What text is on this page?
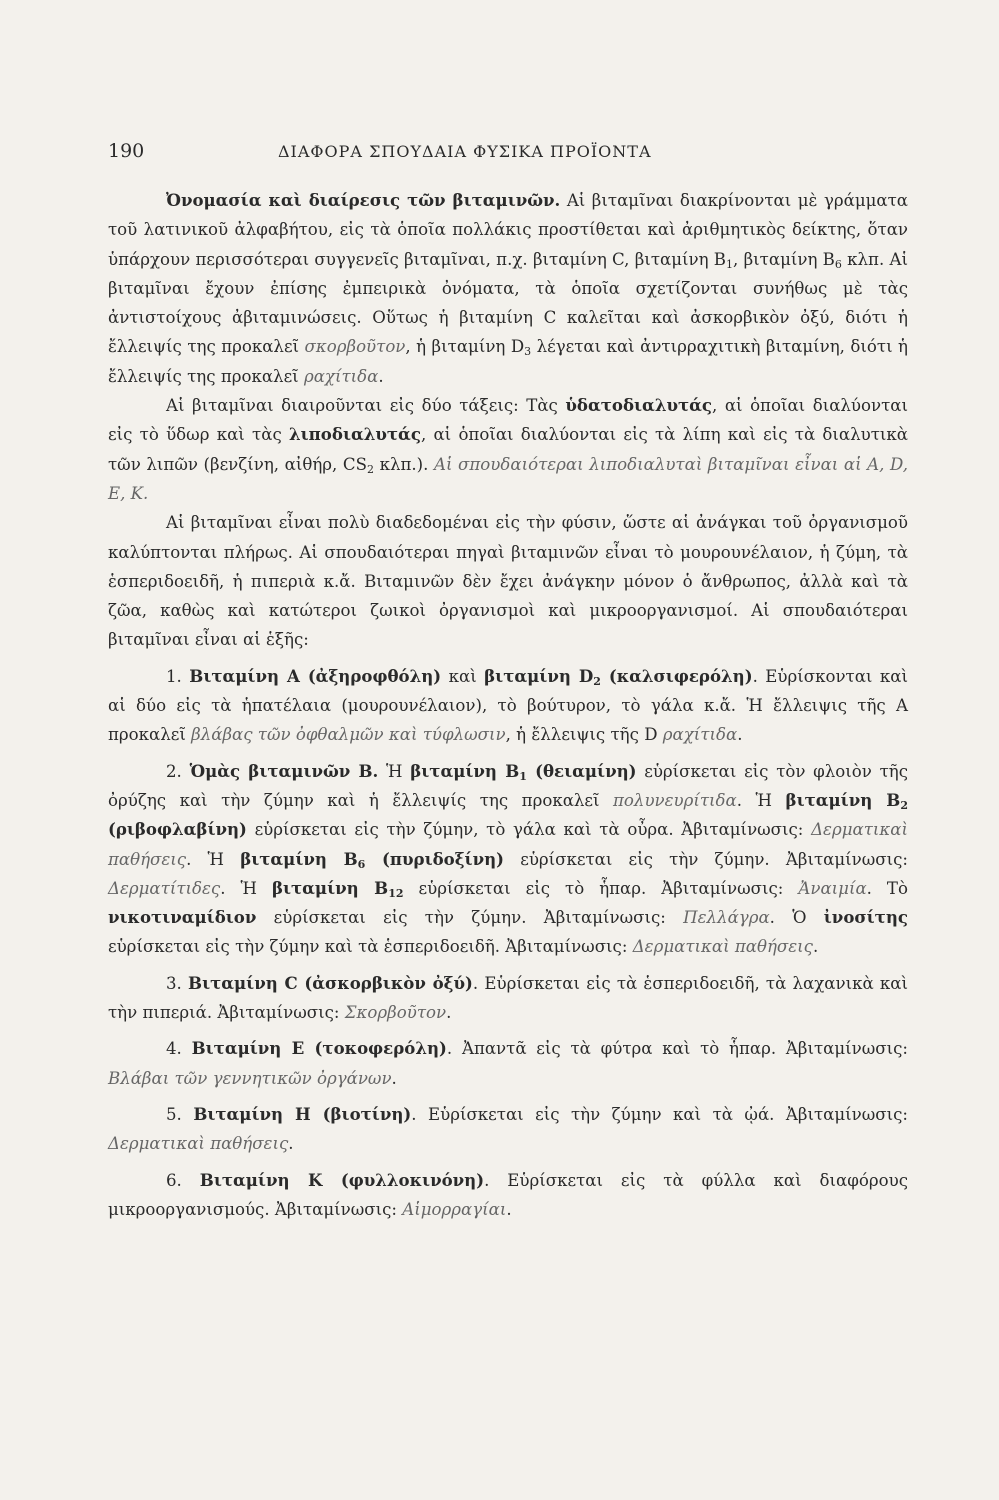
190	ΔΙΑΦΟΡΑ ΣΠΟΥΔΑΙΑ ΦΥΣΙΚΑ ΠΡΟΪΟΝΤΑ

Ὀνομασία καὶ διαίρεσις τῶν βιταμινῶν. Αἱ βιταμῖναι διακρίνονται μὲ γράμματα τοῦ λατινικοῦ ἀλφαβήτου, εἰς τὰ ὁποῖα πολλάκις προστίθεται καὶ ἀριθμητικὸς δείκτης, ὅταν ὑπάρχουν περισσότεραι συγγενεῖς βιταμῖναι, π.χ. βιταμίνη C, βιταμίνη $B_1$, βιταμίνη $B_6$ κλπ. Αἱ βιταμῖναι ἔχουν ἐπίσης ἐμπειρικὰ ὀνόματα, τὰ ὁποῖα σχετίζονται συνήθως μὲ τὰς ἀντιστοίχους ἀβιταμινώσεις. Οὕτως ἡ βιταμίνη C καλεῖται καὶ ἀσκορβικὸν ὀξύ, διότι ἡ ἔλλειψίς της προκαλεῖ σκορβοῦτον, ἡ βιταμίνη $D_3$ λέγεται καὶ ἀντιρραχιτικὴ βιταμίνη, διότι ἡ ἔλλειψίς της προκαλεῖ ραχίτιδα.

Αἱ βιταμῖναι διαιροῦνται εἰς δύο τάξεις: Τὰς ὑδατοδιαλυτάς, αἱ ὁποῖαι διαλύονται εἰς τὸ ὕδωρ καὶ τὰς λιποδιαλυτάς, αἱ ὁποῖαι διαλύονται εἰς τὰ λίπη καὶ εἰς τὰ διαλυτικὰ τῶν λιπῶν (βενζίνη, αἰθήρ, $CS_2$ κλπ.). Αἱ σπουδαιότεραι λιποδιαλυταὶ βιταμῖναι εἶναι αἱ A, D, E, K.

Αἱ βιταμῖναι εἶναι πολὺ διαδεδομέναι εἰς τὴν φύσιν, ὥστε αἱ ἀνάγκαι τοῦ ὀργανισμοῦ καλύπτονται πλήρως. Αἱ σπουδαιότεραι πηγαὶ βιταμινῶν εἶναι τὸ μουρουνέλαιον, ἡ ζύμη, τὰ ἑσπεριδοειδῆ, ἡ πιπεριὰ κ.ἄ. Βιταμινῶν δὲν ἔχει ἀνάγκην μόνον ὁ ἄνθρωπος, ἀλλὰ καὶ τὰ ζῶα, καθὼς καὶ κατώτεροι ζωικοὶ ὀργανισμοὶ καὶ μικροοργανισμοί. Αἱ σπουδαιότεραι βιταμῖναι εἶναι αἱ ἑξῆς:

1. Βιταμίνη A (ἀξηροφθόλη) καὶ βιταμίνη $D_2$ (καλσιφερόλη). Εὑρίσκονται καὶ αἱ δύο εἰς τὰ ἡπατέλαια (μουρουνέλαιον), τὸ βούτυρον, τὸ γάλα κ.ἄ. Ἡ ἔλλειψις τῆς A προκαλεῖ βλάβας τῶν ὀφθαλμῶν καὶ τύφλωσιν, ἡ ἔλλειψις τῆς D ραχίτιδα.

2. Ὁμὰς βιταμινῶν B. Ἡ βιταμίνη $B_1$ (θειαμίνη) εὑρίσκεται εἰς τὸν φλοιὸν τῆς ὀρύζης καὶ τὴν ζύμην καὶ ἡ ἔλλειψίς της προκαλεῖ πολυνευρίτιδα. Ἡ βιταμίνη $B_2$ (ριβοφλαβίνη) εὑρίσκεται εἰς τὴν ζύμην, τὸ γάλα καὶ τὰ οὖρα. Ἀβιταμίνωσις: Δερματικαὶ παθήσεις. Ἡ βιταμίνη $B_6$ (πυριδοξίνη) εὑρίσκεται εἰς τὴν ζύμην. Ἀβιταμίνωσις: Δερματίτιδες. Ἡ βιταμίνη $B_{12}$ εὑρίσκεται εἰς τὸ ἧπαρ. Ἀβιταμίνωσις: Ἀναιμία. Τὸ νικοτιναμίδιον εὑρίσκεται εἰς τὴν ζύμην. Ἀβιταμίνωσις: Πελλάγρα. Ὁ ἰνοσίτης εὑρίσκεται εἰς τὴν ζύμην καὶ τὰ ἑσπεριδοειδῆ. Ἀβιταμίνωσις: Δερματικαὶ παθήσεις.

3. Βιταμίνη C (ἀσκορβικὸν ὀξύ). Εὑρίσκεται εἰς τὰ ἑσπεριδοειδῆ, τὰ λαχανικὰ καὶ τὴν πιπεριά. Ἀβιταμίνωσις: Σκορβοῦτον.

4. Βιταμίνη E (τοκοφερόλη). Ἀπαντᾶ εἰς τὰ φύτρα καὶ τὸ ἧπαρ. Ἀβιταμίνωσις: Βλάβαι τῶν γεννητικῶν ὀργάνων.

5. Βιταμίνη H (βιοτίνη). Εὑρίσκεται εἰς τὴν ζύμην καὶ τὰ ᾠά. Ἀβιταμίνωσις: Δερματικαὶ παθήσεις.

6. Βιταμίνη K (φυλλοκινόνη). Εὑρίσκεται εἰς τὰ φύλλα καὶ διαφόρους μικροοργανισμούς. Ἀβιταμίνωσις: Αἱμορραγίαι.
